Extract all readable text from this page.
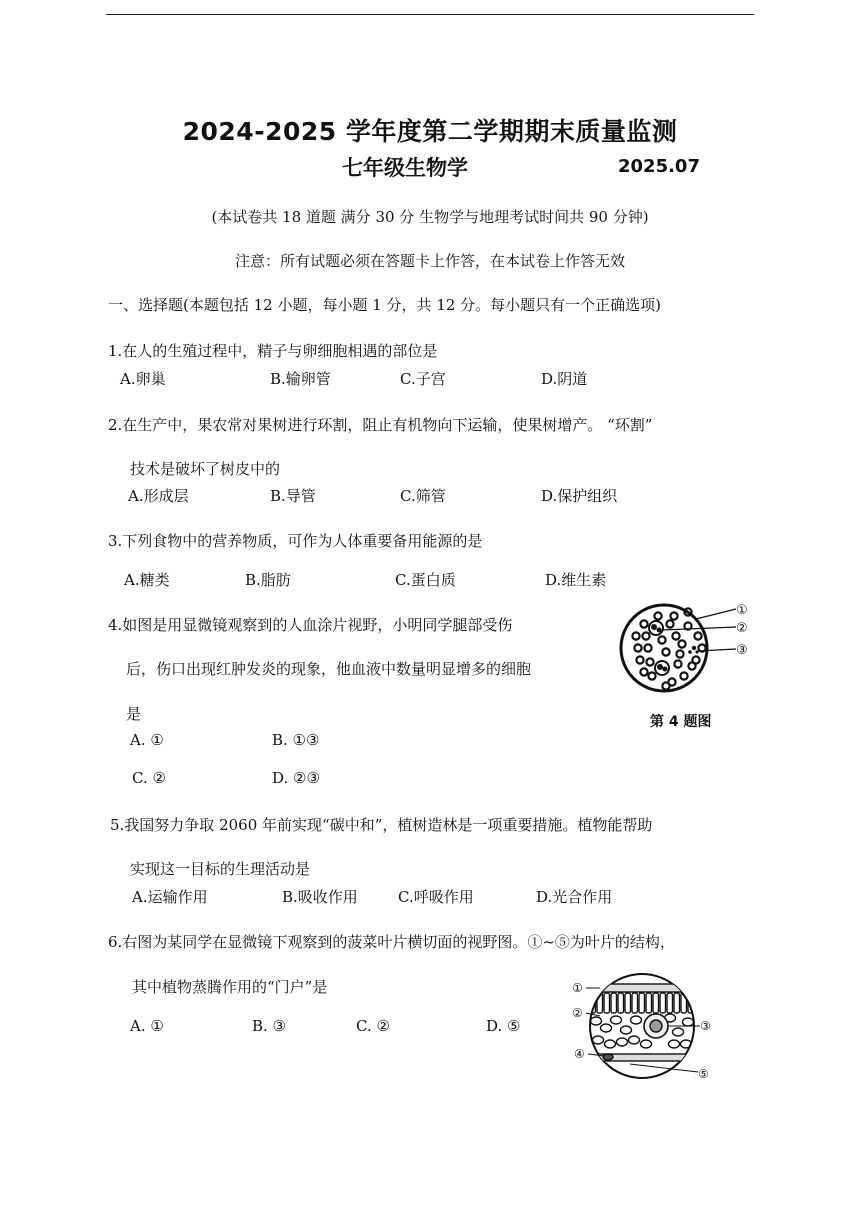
2024-2025 学年度第二学期期末质量监测
七年级生物学	2025.07
(本试卷共 18 道题 满分 30 分 生物学与地理考试时间共 90 分钟)
注意：所有试题必须在答题卡上作答，在本试卷上作答无效
一、选择题(本题包括 12 小题，每小题 1 分，共 12 分。每小题只有一个正确选项)
1.在人的生殖过程中，精子与卵细胞相遇的部位是
A.卵巢	B.输卵管	C.子宫	D.阴道
2.在生产中，果农常对果树进行环割，阻止有机物向下运输，使果树增产。 “环割”
技术是破坏了树皮中的
A.形成层	B.导管	C.筛管	D.保护组织
3.下列食物中的营养物质，可作为人体重要备用能源的是
A.糖类	B.脂肪	C.蛋白质	D.维生素
4.如图是用显微镜观察到的人血涂片视野，小明同学腿部受伤
后，伤口出现红肿发炎的现象，他血液中数量明显增多的细胞
是
A. ①	B. ①③
C. ②	D. ②③
①
②
③
第 4 题图
5.我国努力争取 2060 年前实现“碳中和”，植树造林是一项重要措施。植物能帮助
实现这一目标的生理活动是
A.运输作用	B.吸收作用	C.呼吸作用	D.光合作用
6.右图为某同学在显微镜下观察到的菠菜叶片横切面的视野图。①~⑤为叶片的结构，
其中植物蒸腾作用的“门户”是
A. ①	B. ③	C. ②	D. ⑤
①
②
③
④
⑤
